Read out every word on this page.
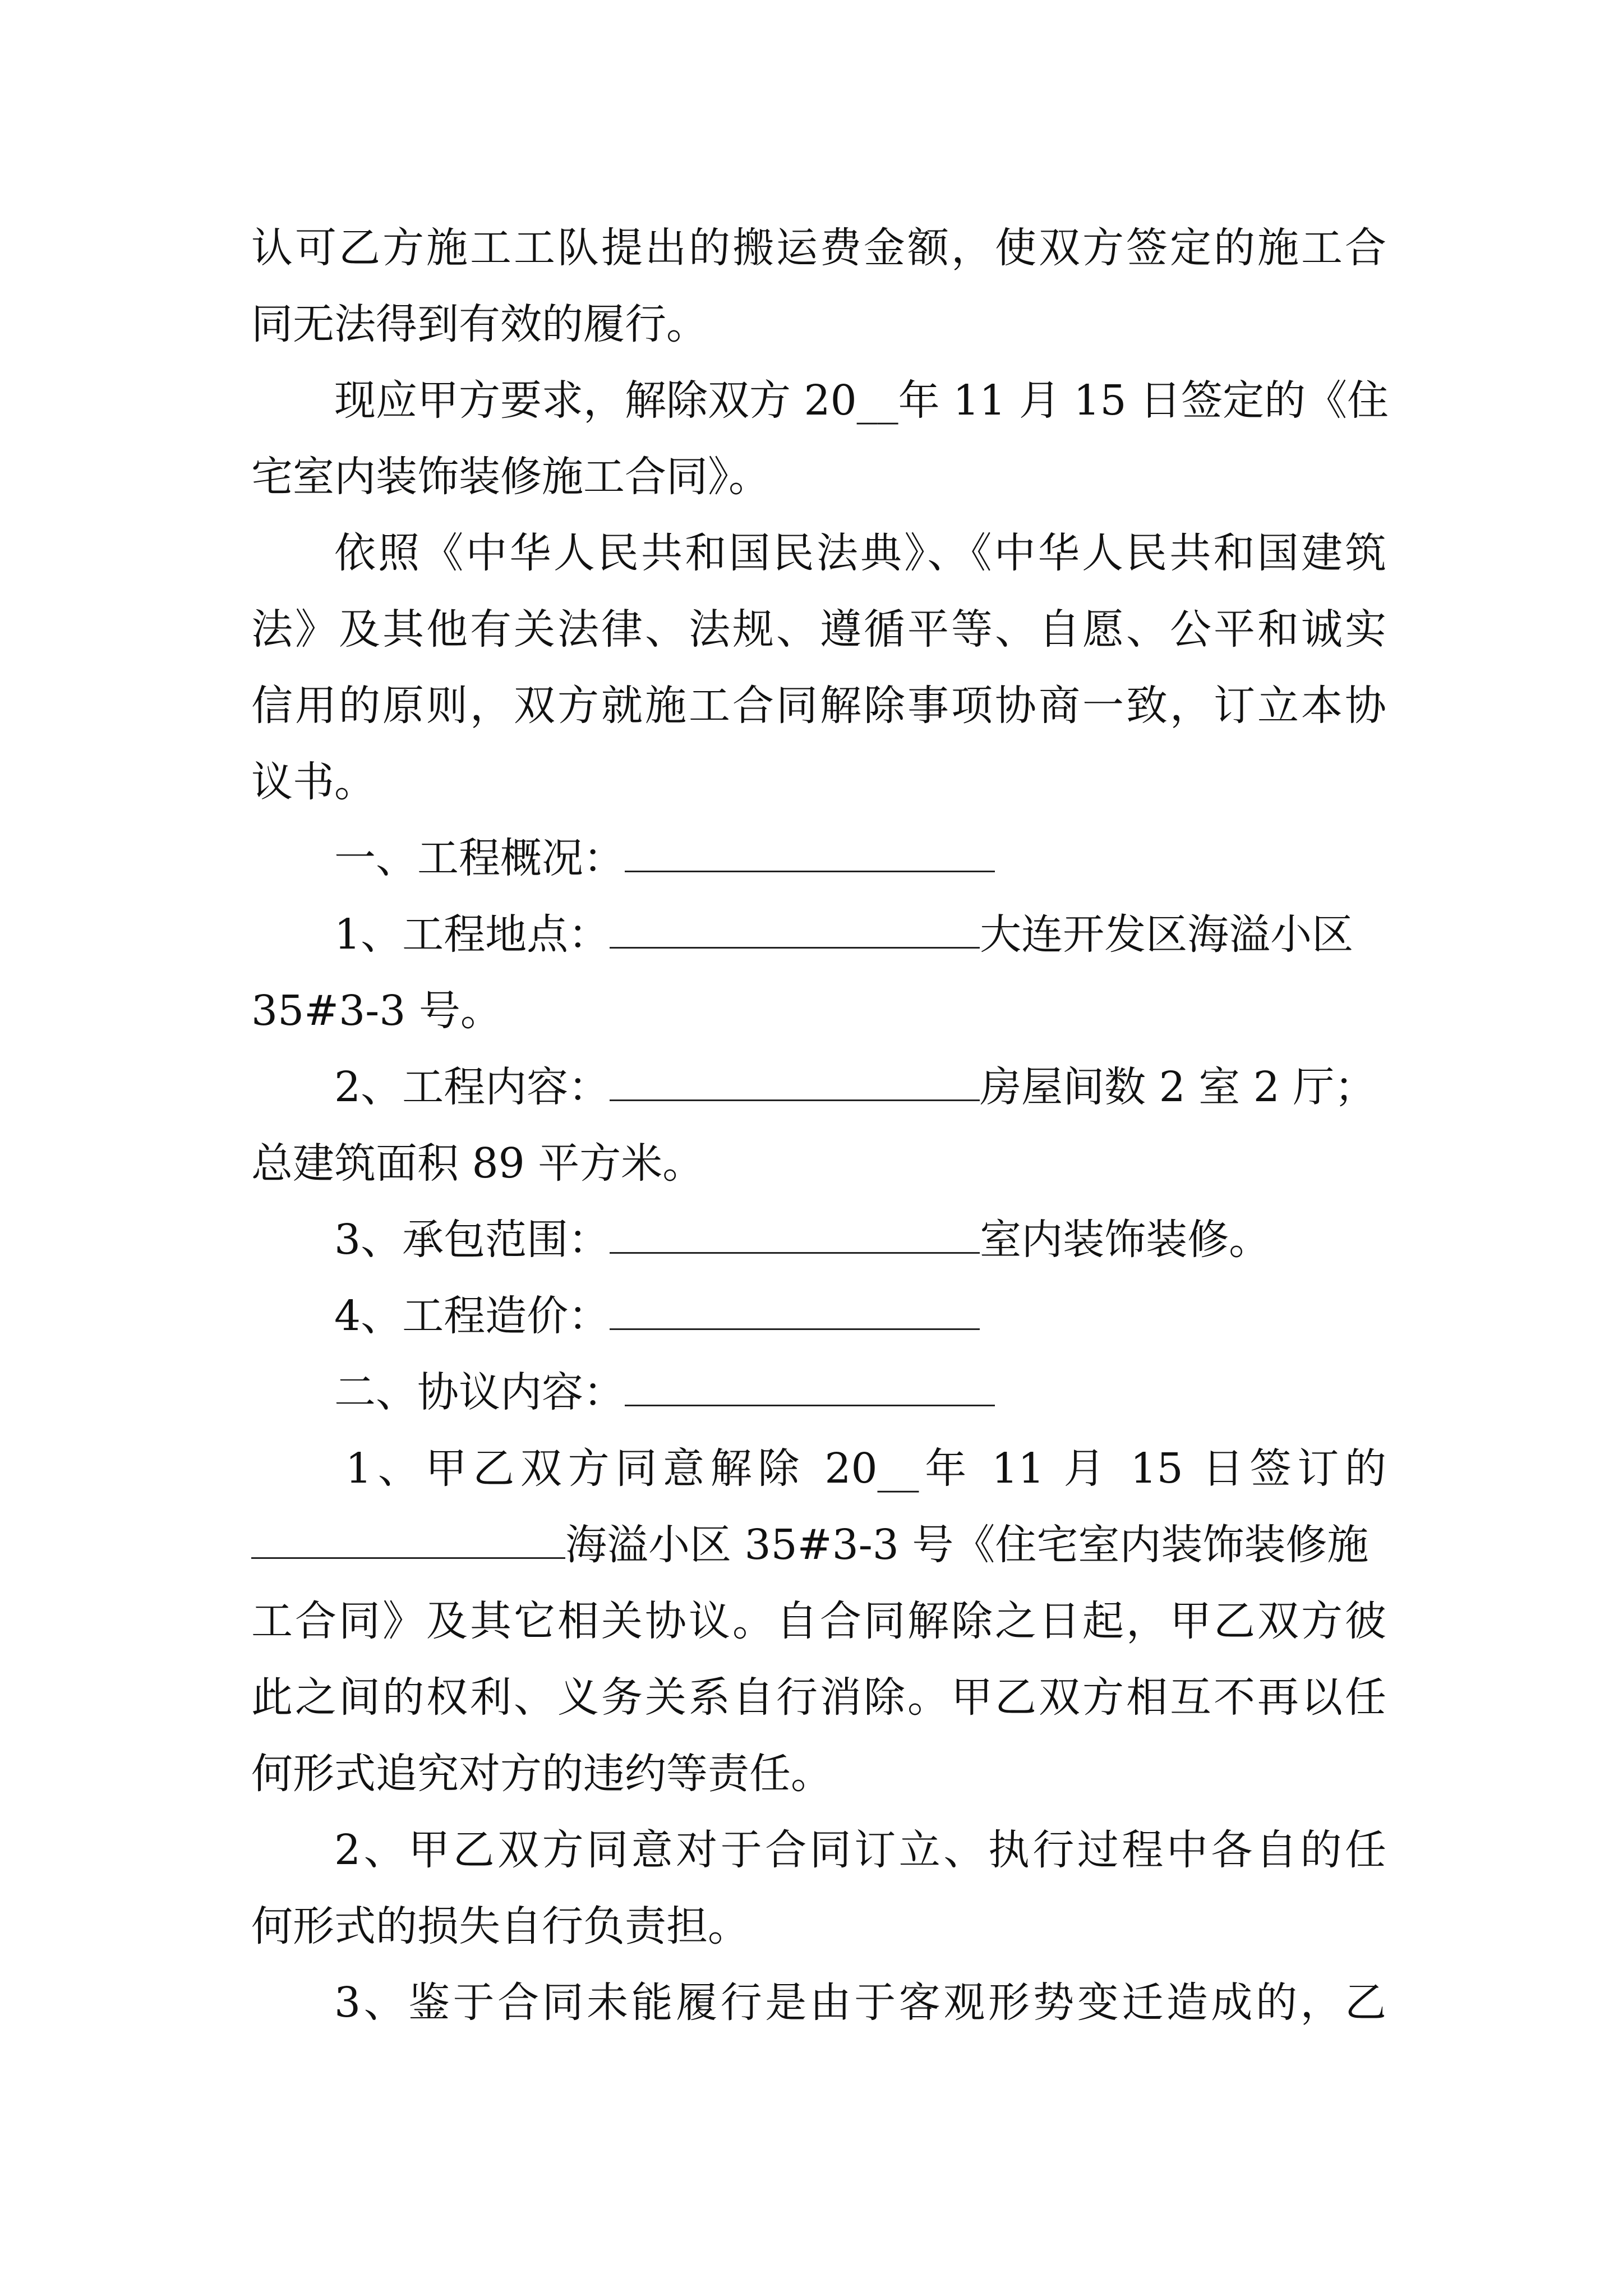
认可乙方施工工队提出的搬运费金额，使双方签定的施工合
同无法得到有效的履行。
现应甲方要求，解除双方 20__年 11 月 15 日签定的《住
宅室内装饰装修施工合同》。
依照《中华人民共和国民法典》、《中华人民共和国建筑
法》及其他有关法律、法规、遵循平等、自愿、公平和诚实
信用的原则，双方就施工合同解除事项协商一致，订立本协
议书。
一、工程概况：
1、工程地点：	大连开发区海溢小区
35#3-3 号。
2、工程内容：	房屋间数 2 室 2 厅；
总建筑面积 89 平方米。
3、承包范围：	室内装饰装修。
4、工程造价：
二、协议内容：
1、甲乙双方同意解除 20__年 11 月 15 日签订的
海溢小区 35#3-3 号《住宅室内装饰装修施
工合同》及其它相关协议。自合同解除之日起，甲乙双方彼
此之间的权利、义务关系自行消除。甲乙双方相互不再以任
何形式追究对方的违约等责任。
2、甲乙双方同意对于合同订立、执行过程中各自的任
何形式的损失自行负责担。
3、鉴于合同未能履行是由于客观形势变迁造成的，乙
